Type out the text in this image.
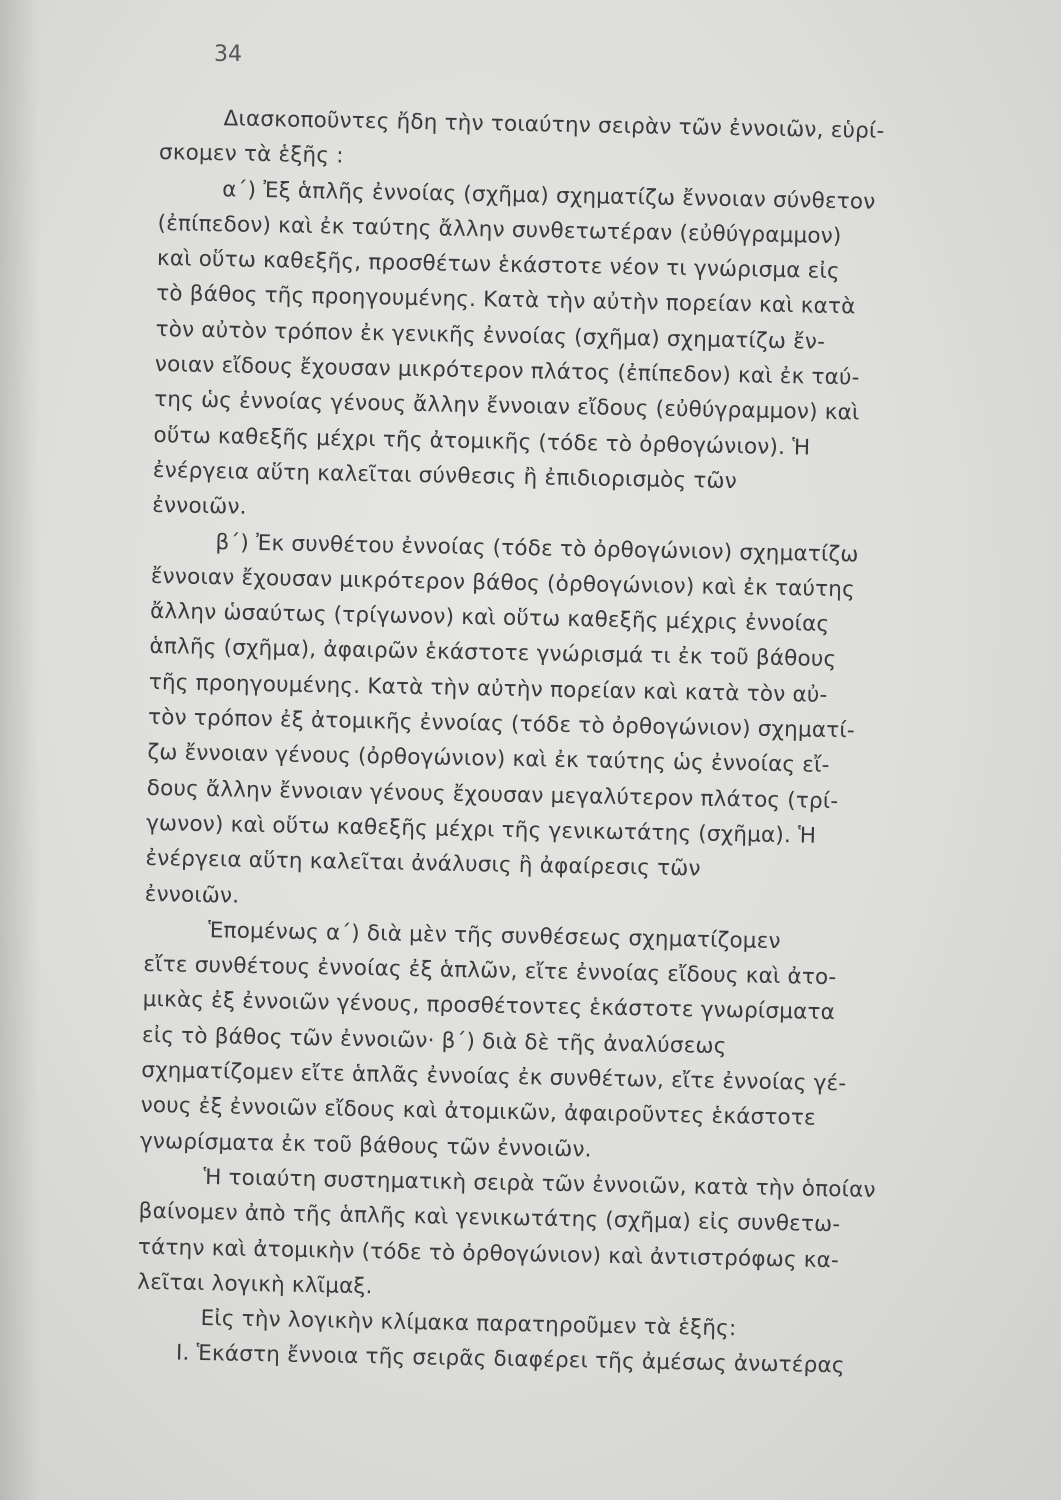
34
Διασκοποῦντες ἤδη τὴν τοιαύτην σειρὰν τῶν ἐννοιῶν, εὑρί-
σκομεν τὰ ἑξῆς :
α΄) Ἐξ ἁπλῆς ἐννοίας (σχῆμα) σχηματίζω ἔννοιαν σύνθετον
(ἐπίπεδον) καὶ ἐκ ταύτης ἄλλην συνθετωτέραν (εὐθύγραμμον)
καὶ οὕτω καθεξῆς, προσθέτων ἑκάστοτε νέον τι γνώρισμα εἰς
τὸ βάθος τῆς προηγουμένης. Κατὰ τὴν αὐτὴν πορείαν καὶ κατὰ
τὸν αὐτὸν τρόπον ἐκ γενικῆς ἐννοίας (σχῆμα) σχηματίζω ἔν-
νοιαν εἴδους ἔχουσαν μικρότερον πλάτος (ἐπίπεδον) καὶ ἐκ ταύ-
της ὡς ἐννοίας γένους ἄλλην ἔννοιαν εἴδους (εὐθύγραμμον) καὶ
οὕτω καθεξῆς μέχρι τῆς ἀτομικῆς (τόδε τὸ ὀρθογώνιον). Ἡ
ἐνέργεια αὕτη καλεῖται σύνθεσις ἢ ἐπιδιορισμὸς τῶν
ἐννοιῶν.
β΄) Ἐκ συνθέτου ἐννοίας (τόδε τὸ ὀρθογώνιον) σχηματίζω
ἔννοιαν ἔχουσαν μικρότερον βάθος (ὀρθογώνιον) καὶ ἐκ ταύτης
ἄλλην ὡσαύτως (τρίγωνον) καὶ οὕτω καθεξῆς μέχρις ἐννοίας
ἁπλῆς (σχῆμα), ἀφαιρῶν ἑκάστοτε γνώρισμά τι ἐκ τοῦ βάθους
τῆς προηγουμένης. Κατὰ τὴν αὐτὴν πορείαν καὶ κατὰ τὸν αὐ-
τὸν τρόπον ἐξ ἀτομικῆς ἐννοίας (τόδε τὸ ὀρθογώνιον) σχηματί-
ζω ἔννοιαν γένους (ὀρθογώνιον) καὶ ἐκ ταύτης ὡς ἐννοίας εἴ-
δους ἄλλην ἔννοιαν γένους ἔχουσαν μεγαλύτερον πλάτος (τρί-
γωνον) καὶ οὕτω καθεξῆς μέχρι τῆς γενικωτάτης (σχῆμα). Ἡ
ἐνέργεια αὕτη καλεῖται ἀνάλυσις ἢ ἀφαίρεσις τῶν
ἐννοιῶν.
Ἑπομένως α΄) διὰ μὲν τῆς συνθέσεως σχηματίζομεν
εἴτε συνθέτους ἐννοίας ἐξ ἁπλῶν, εἴτε ἐννοίας εἴδους καὶ ἀτο-
μικὰς ἐξ ἐννοιῶν γένους, προσθέτοντες ἑκάστοτε γνωρίσματα
εἰς τὸ βάθος τῶν ἐννοιῶν· β΄) διὰ δὲ τῆς ἀναλύσεως
σχηματίζομεν εἴτε ἁπλᾶς ἐννοίας ἐκ συνθέτων, εἴτε ἐννοίας γέ-
νους ἐξ ἐννοιῶν εἴδους καὶ ἀτομικῶν, ἀφαιροῦντες ἑκάστοτε
γνωρίσματα ἐκ τοῦ βάθους τῶν ἐννοιῶν.
Ἡ τοιαύτη συστηματικὴ σειρὰ τῶν ἐννοιῶν, κατὰ τὴν ὁποίαν
βαίνομεν ἀπὸ τῆς ἁπλῆς καὶ γενικωτάτης (σχῆμα) εἰς συνθετω-
τάτην καὶ ἀτομικὴν (τόδε τὸ ὀρθογώνιον) καὶ ἀντιστρόφως κα-
λεῖται λογικὴ κλῖμαξ.
Εἰς τὴν λογικὴν κλίμακα παρατηροῦμεν τὰ ἑξῆς:
Ι. Ἑκάστη ἔννοια τῆς σειρᾶς διαφέρει τῆς ἀμέσως ἀνωτέρας
